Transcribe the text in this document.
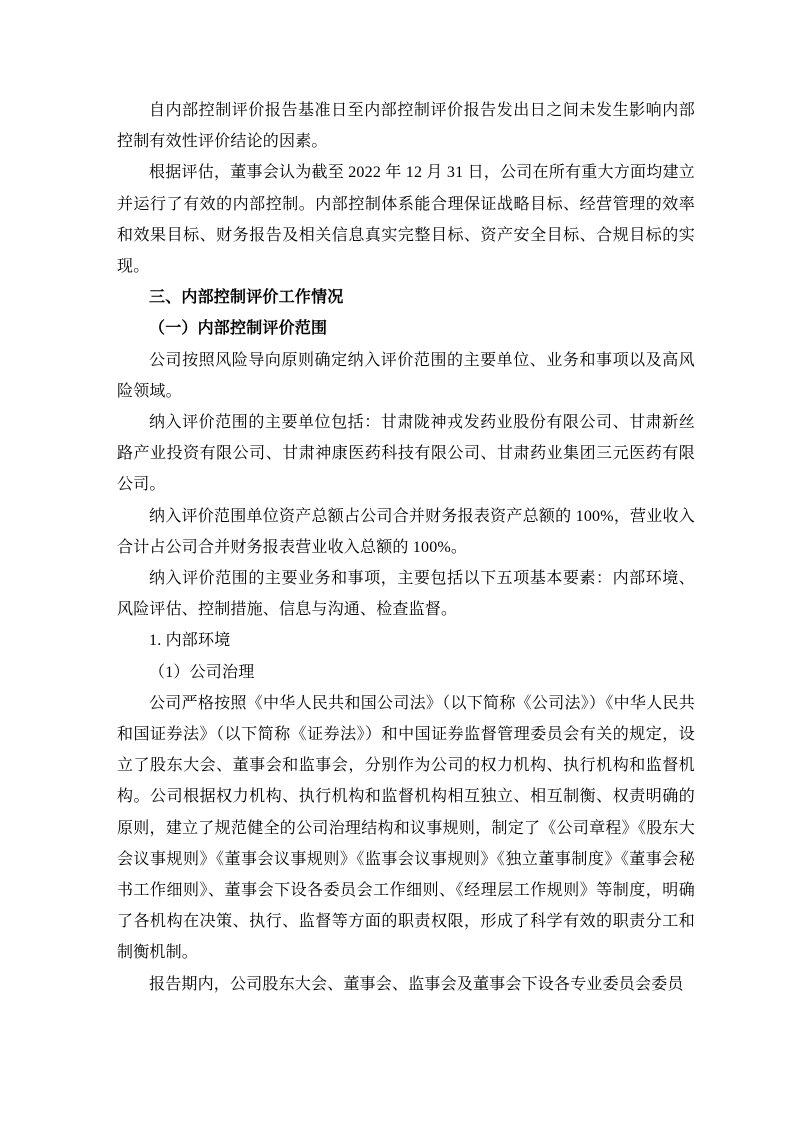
自内部控制评价报告基准日至内部控制评价报告发出日之间未发生影响内部控制有效性评价结论的因素。

根据评估，董事会认为截至 2022 年 12 月 31 日，公司在所有重大方面均建立并运行了有效的内部控制。内部控制体系能合理保证战略目标、经营管理的效率和效果目标、财务报告及相关信息真实完整目标、资产安全目标、合规目标的实现。

三、内部控制评价工作情况

（一）内部控制评价范围

公司按照风险导向原则确定纳入评价范围的主要单位、业务和事项以及高风险领域。

纳入评价范围的主要单位包括：甘肃陇神戎发药业股份有限公司、甘肃新丝路产业投资有限公司、甘肃神康医药科技有限公司、甘肃药业集团三元医药有限公司。

纳入评价范围单位资产总额占公司合并财务报表资产总额的 100%，营业收入合计占公司合并财务报表营业收入总额的 100%。

纳入评价范围的主要业务和事项，主要包括以下五项基本要素：内部环境、风险评估、控制措施、信息与沟通、检查监督。

1. 内部环境

（1）公司治理

公司严格按照《中华人民共和国公司法》（以下简称《公司法》）《中华人民共和国证券法》（以下简称《证券法》）和中国证券监督管理委员会有关的规定，设立了股东大会、董事会和监事会，分别作为公司的权力机构、执行机构和监督机构。公司根据权力机构、执行机构和监督机构相互独立、相互制衡、权责明确的原则，建立了规范健全的公司治理结构和议事规则，制定了《公司章程》《股东大会议事规则》《董事会议事规则》《监事会议事规则》《独立董事制度》《董事会秘书工作细则》、董事会下设各委员会工作细则、《经理层工作规则》等制度，明确了各机构在决策、执行、监督等方面的职责权限，形成了科学有效的职责分工和制衡机制。

报告期内，公司股东大会、董事会、监事会及董事会下设各专业委员会委员
